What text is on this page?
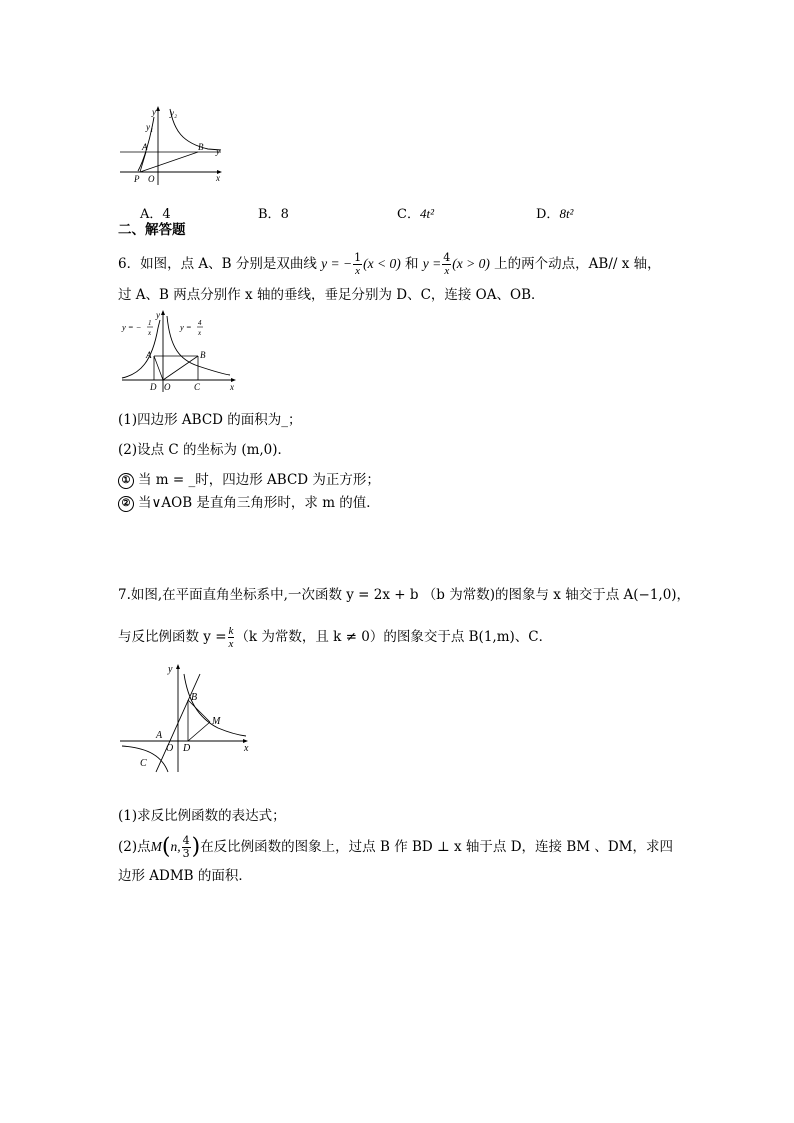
y y₂
y₁
A	B y
P O	x
A．4	B．8	C．4t²	D．8t²
二、解答题
6．如图，点 A、B 分别是双曲线 y = − $\frac{1}{x} (x < 0)$ 和 $y = \frac{4}{x} (x > 0)$ 上的两个动点，AB// x 轴，
过 A、B 两点分别作 x 轴的垂线，垂足分别为 D、C，连接 OA、OB．
y = − 1
x
y = 4
x
y
A	B
D O	C	x
(1)四边形 ABCD 的面积为_；
(2)设点 C 的坐标为 (m,0)．
① 当 m = _时，四边形 ABCD 为正方形；
② 当∨AOB 是直角三角形时，求 m 的值．
7.如图,在平面直角坐标系中,一次函数 y = 2x + b （b 为常数)的图象与 x 轴交于点 A(−1,0)，
与反比例函数 $y = \frac{k}{x} (k$ 为常数，且 k ≠ 0）的图象交于点 B(1,m)、C．
y
B
M
A
O D	x
C
(1)求反比例函数的表达式；
(2)点M(n, $\frac{4}{3}$ )在反比例函数的图象上，过点 B 作 BD ⊥ x 轴于点 D，连接 BM 、DM，求四
边形 ADMB 的面积．
